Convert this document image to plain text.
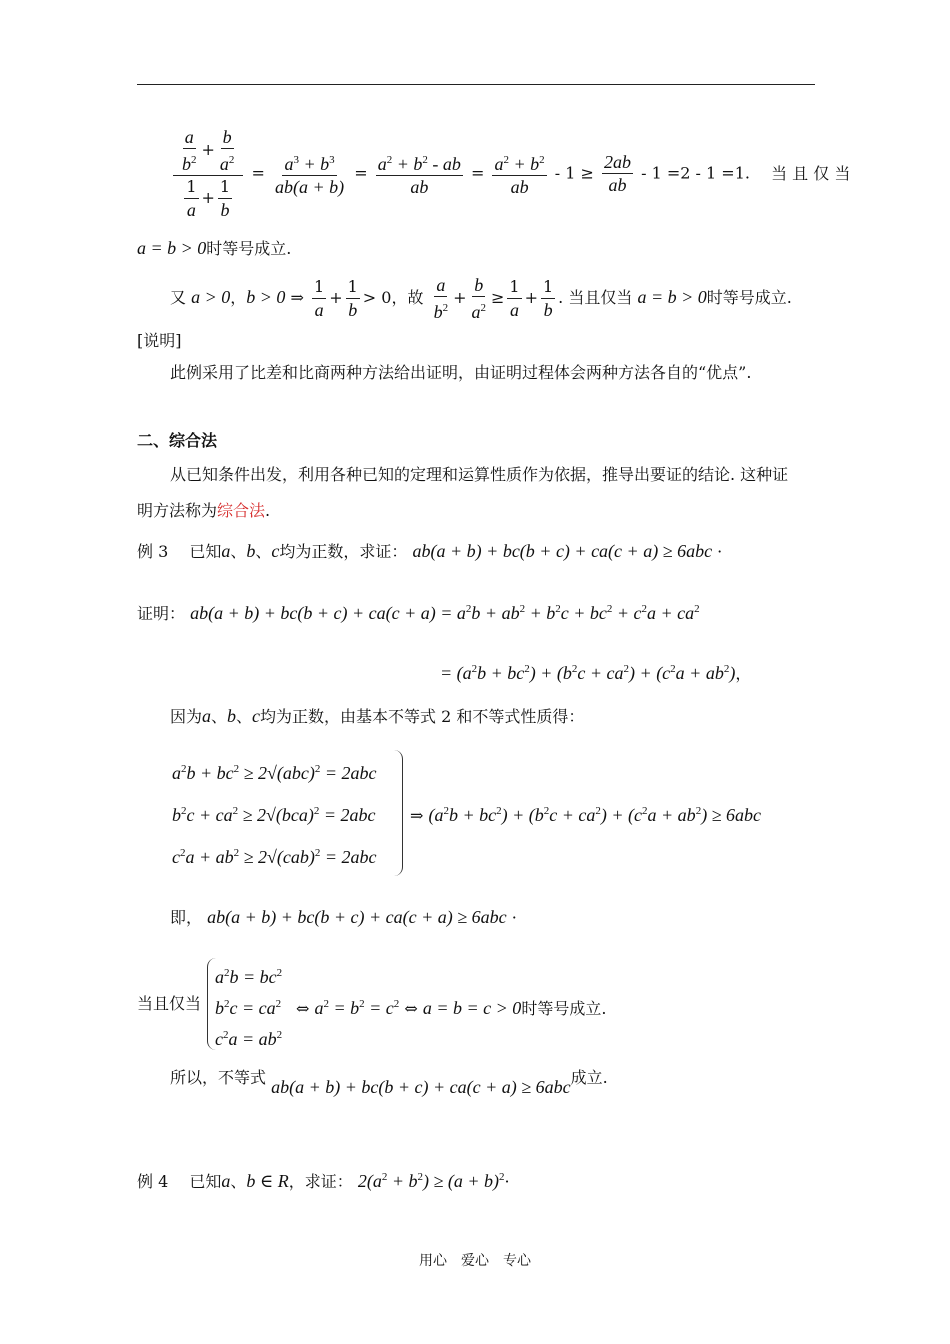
$\frac{\frac{a}{b^2} + \frac{b}{a^2}}{\frac{1}{a} + \frac{1}{b}} = \frac{a^3 + b^3}{ab(a + b)} = \frac{a^2 + b^2 - ab}{ab} = \frac{a^2 + b^2}{ab} - 1 \ge \frac{2ab}{ab} - 1 =2 - 1 =1$. 当 且 仅 当
a = b > 0时等号成立.
又 a > 0，b > 0 ⇒ $\frac{1}{a} + \frac{1}{b} > 0$，故 $\frac{a}{b^2} + \frac{b}{a^2} \ge \frac{1}{a} + \frac{1}{b}$ . 当且仅当 a = b > 0时等号成立.
[说明]
此例采用了比差和比商两种方法给出证明，由证明过程体会两种方法各自的“优点”.
二、综合法
从已知条件出发，利用各种已知的定理和运算性质作为依据，推导出要证的结论. 这种证
明方法称为综合法.
例 3　 已知a、b、c均为正数，求证： ab(a + b) + bc(b + c) + ca(c + a) ≥ 6abc ·
证明： $ab(a + b) + bc(b + c) + ca(c + a) = a^2b + ab^2 + b^2c + bc^2 + c^2a + ca^2$
= $(a^2b + bc^2) + (b^2c + ca^2) + (c^2a + ab^2)$，
因为a、b、c均为正数，由基本不等式 2 和不等式性质得：
$a^2b + bc^2 \ge 2√(abc)^2 = 2abc$
$b^2c + ca^2 \ge 2√(bca)^2 = 2abc$
$c^2a + ab^2 \ge 2√(cab)^2 = 2abc$
⇒ $(a^2b + bc^2) + (b^2c + ca^2) + (c^2a + ab^2) \ge 6abc$
即， ab(a + b) + bc(b + c) + ca(c + a) ≥ 6abc ·
$a^2b = bc^2$
$b^2c = ca^2$
$c^2a = ab^2$
当且仅当	⇔ $a^2 = b^2 = c^2$ ⇔ a = b = c > 0时等号成立.
所以，不等式 ab(a + b) + bc(b + c) + ca(c + a) ≥ 6abc成立.
例 4　 已知a、b ∈ R，求证： $2(a^2 + b^2) \ge (a + b)^2\cdot$
用心　爱心　专心
